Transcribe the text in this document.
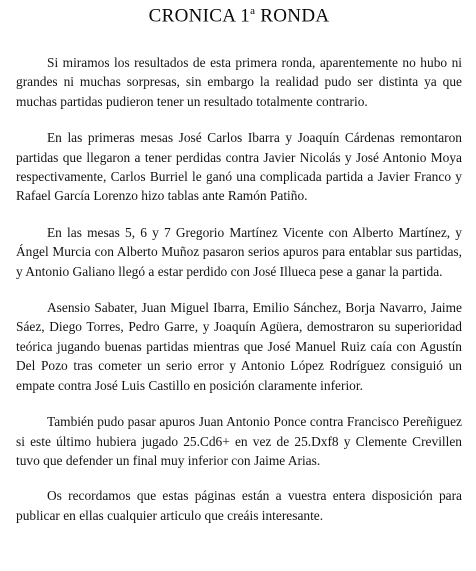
CRONICA 1$^a$ RONDA

Si miramos los resultados de esta primera ronda, aparentemente no hubo ni grandes ni muchas sorpresas, sin embargo la realidad pudo ser distinta ya que muchas partidas pudieron tener un resultado totalmente contrario.

En las primeras mesas José Carlos Ibarra y Joaquín Cárdenas remontaron partidas que llegaron a tener perdidas contra Javier Nicolás y José Antonio Moya respectivamente, Carlos Burriel le ganó una complicada partida a Javier Franco y Rafael García Lorenzo hizo tablas ante Ramón Patiño.

En las mesas 5, 6 y 7 Gregorio Martínez Vicente con Alberto Martínez, y Ángel Murcia con Alberto Muñoz pasaron serios apuros para entablar sus partidas, y Antonio Galiano llegó a estar perdido con José Illueca pese a ganar la partida.

Asensio Sabater, Juan Miguel Ibarra, Emilio Sánchez, Borja Navarro, Jaime Sáez, Diego Torres, Pedro Garre, y Joaquín Agüera, demostraron su superioridad teórica jugando buenas partidas mientras que José Manuel Ruiz caía con Agustín Del Pozo tras cometer un serio error y Antonio López Rodríguez consiguió un empate contra José Luis Castillo en posición claramente inferior.

También pudo pasar apuros Juan Antonio Ponce contra Francisco Pereñiguez si este último hubiera jugado 25.Cd6+ en vez de 25.Dxf8 y Clemente Crevillen tuvo que defender un final muy inferior con Jaime Arias.

Os recordamos que estas páginas están a vuestra entera disposición para publicar en ellas cualquier articulo que creáis interesante.
